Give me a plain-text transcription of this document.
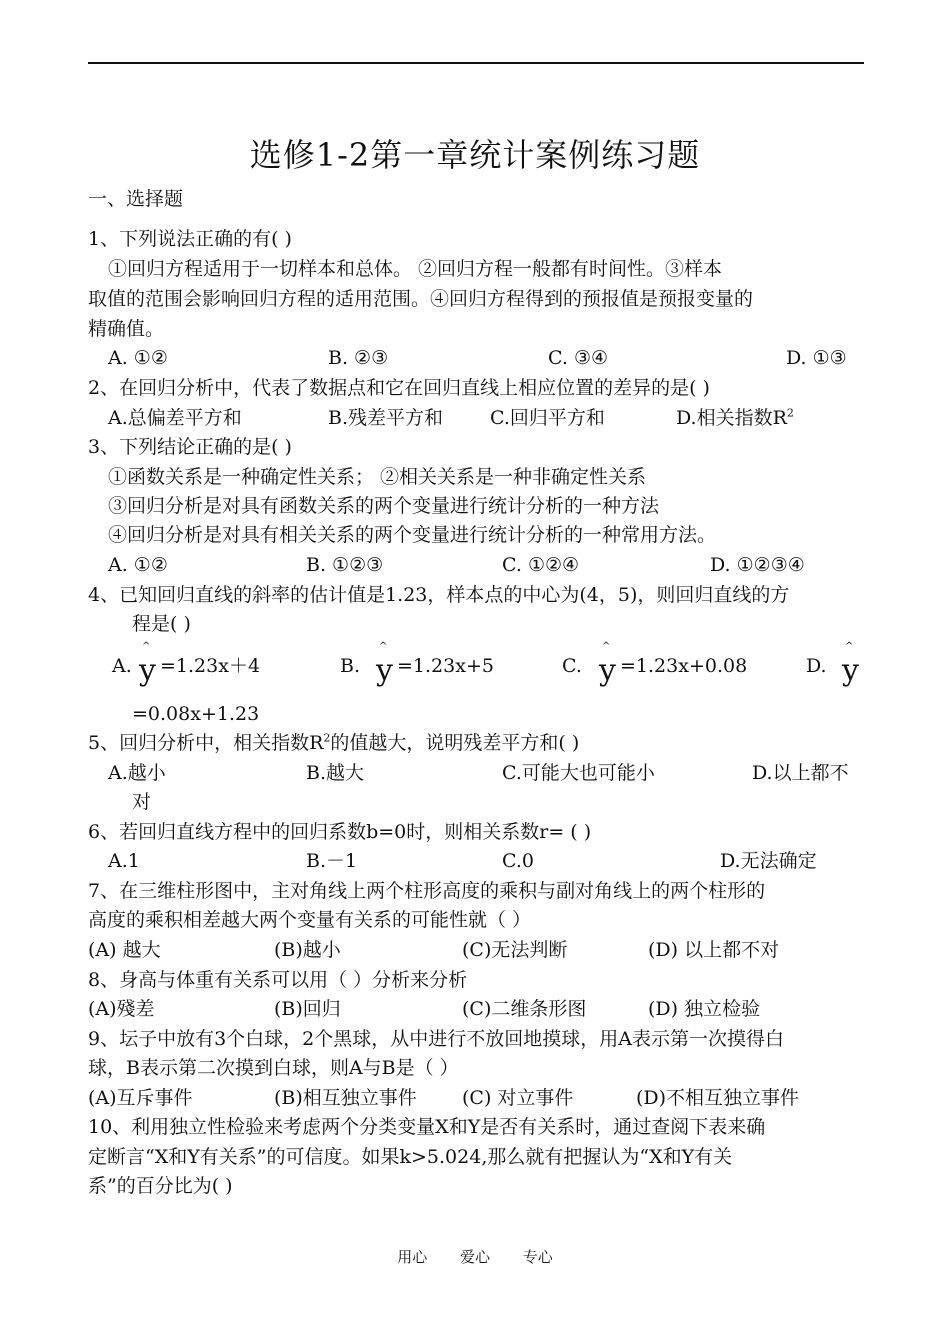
选修1-2第一章统计案例练习题
一、选择题
1、下列说法正确的有( )
①回归方程适用于一切样本和总体。 ②回归方程一般都有时间性。③样本
取值的范围会影响回归方程的适用范围。④回归方程得到的预报值是预报变量的
精确值。
A. ①②	B. ②③	C. ③④	D. ①③
2、在回归分析中，代表了数据点和它在回归直线上相应位置的差异的是( )
A.总偏差平方和	B.残差平方和 C.回归平方和	D.相关指数$R^2$
3、下列结论正确的是( )
①函数关系是一种确定性关系； ②相关关系是一种非确定性关系
③回归分析是对具有函数关系的两个变量进行统计分析的一种方法
④回归分析是对具有相关关系的两个变量进行统计分析的一种常用方法。
A. ①②	B. ①②③	C. ①②④	D. ①②③④
4、已知回归直线的斜率的估计值是1.23，样本点的中心为(4，5)，则回归直线的方
程是( )
A.
^
y =1.23x＋4	B.
^
y =1.23x+5	C.
^
y =1.23x+0.08	D.
^
y
=0.08x+1.23
5、回归分析中，相关指数$R^2$的值越大，说明残差平方和( )
A.越小	B.越大	C.可能大也可能小	D.以上都不
对
6、若回归直线方程中的回归系数b=0时，则相关系数r= ( )
A.1	B.－1	C.0	D.无法确定
7、在三维柱形图中，主对角线上两个柱形高度的乘积与副对角线上的两个柱形的
高度的乘积相差越大两个变量有关系的可能性就（ ）
(A) 越大	(B)越小	(C)无法判断	(D) 以上都不对
8、身高与体重有关系可以用（ ）分析来分析
(A)殘差	(B)回归	(C)二维条形图	(D) 独立检验
9、坛子中放有3个白球，2个黑球，从中进行不放回地摸球，用A表示第一次摸得白
球，B表示第二次摸到白球，则A与B是（ ）
(A)互斥事件	(B)相互独立事件 (C) 对立事件	(D)不相互独立事件
10、利用独立性检验来考虑两个分类变量X和Y是否有关系时，通过查阅下表来确
定断言“X和Y有关系”的可信度。如果k>5.024,那么就有把握认为“X和Y有关
系”的百分比为( )
用心 爱心 专心
